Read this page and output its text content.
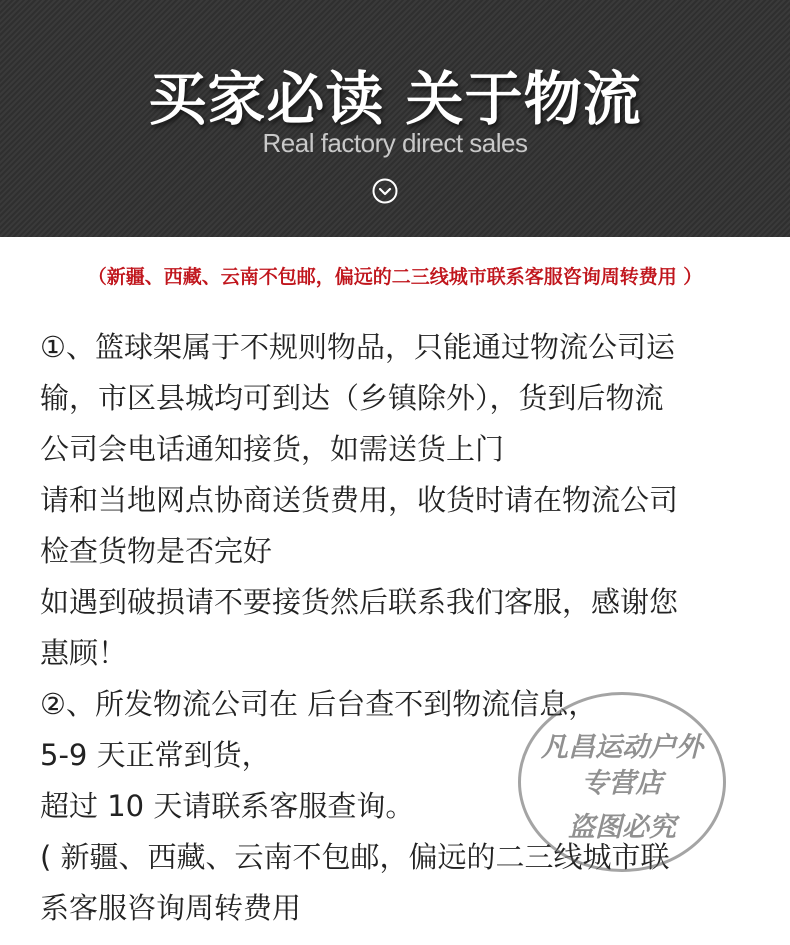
买家必读 关于物流
Real factory direct sales
（新疆、西藏、云南不包邮，偏远的二三线城市联系客服咨询周转费用 ）
①、篮球架属于不规则物品，只能通过物流公司运
输，市区县城均可到达（乡镇除外），货到后物流
公司会电话通知接货，如需送货上门
请和当地网点协商送货费用，收货时请在物流公司
检查货物是否完好
如遇到破损请不要接货然后联系我们客服，感谢您
惠顾！
②、所发物流公司在 后台查不到物流信息，
5-9 天正常到货，
超过 10 天请联系客服查询。
( 新疆、西藏、云南不包邮，偏远的二三线城市联
系客服咨询周转费用
凡昌运动户外
专营店
盗图必究
